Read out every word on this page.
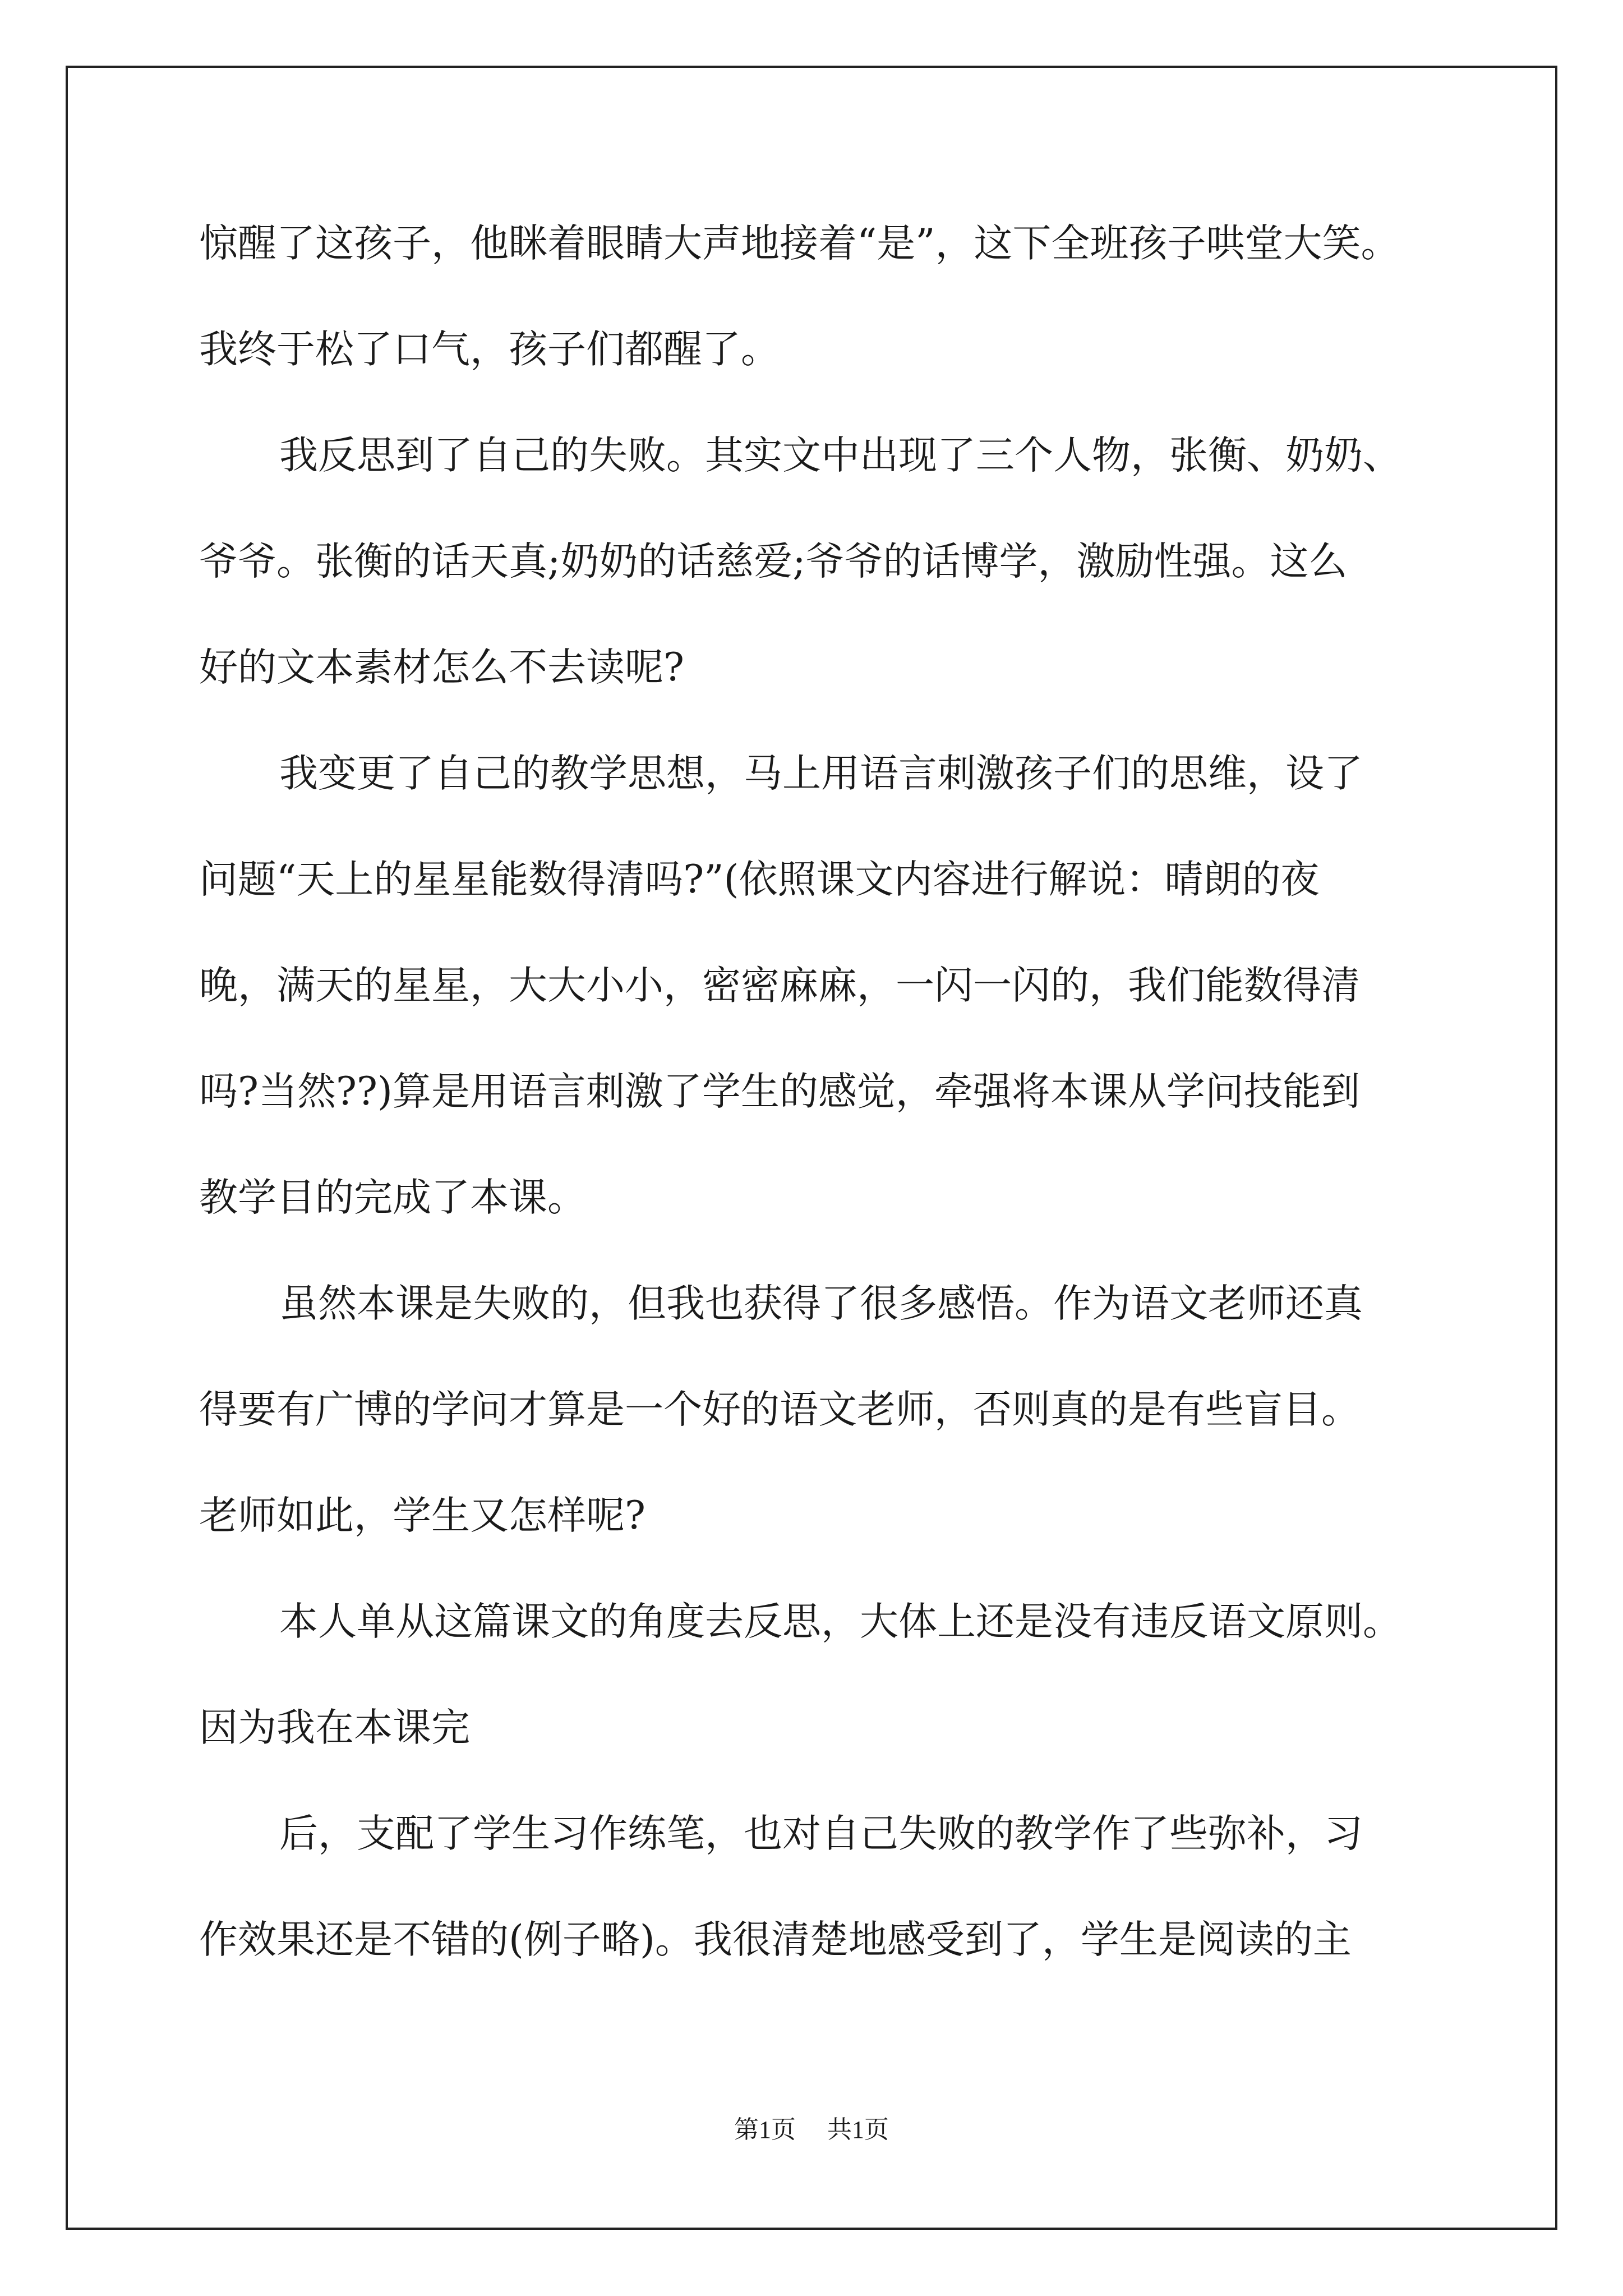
惊醒了这孩子，他眯着眼睛大声地接着“是”，这下全班孩子哄堂大笑。
我终于松了口气，孩子们都醒了。
我反思到了自己的失败。其实文中出现了三个人物，张衡、奶奶、
爷爷。张衡的话天真;奶奶的话慈爱;爷爷的话博学，激励性强。这么
好的文本素材怎么不去读呢?
我变更了自己的教学思想，马上用语言刺激孩子们的思维，设了
问题“天上的星星能数得清吗?”(依照课文内容进行解说：晴朗的夜
晚，满天的星星，大大小小，密密麻麻，一闪一闪的，我们能数得清
吗?当然??)算是用语言刺激了学生的感觉，牵强将本课从学问技能到
教学目的完成了本课。
虽然本课是失败的，但我也获得了很多感悟。作为语文老师还真
得要有广博的学问才算是一个好的语文老师，否则真的是有些盲目。
老师如此，学生又怎样呢?
本人单从这篇课文的角度去反思，大体上还是没有违反语文原则。
因为我在本课完
后，支配了学生习作练笔，也对自己失败的教学作了些弥补，习
作效果还是不错的(例子略)。我很清楚地感受到了，学生是阅读的主
第1页 共1页
